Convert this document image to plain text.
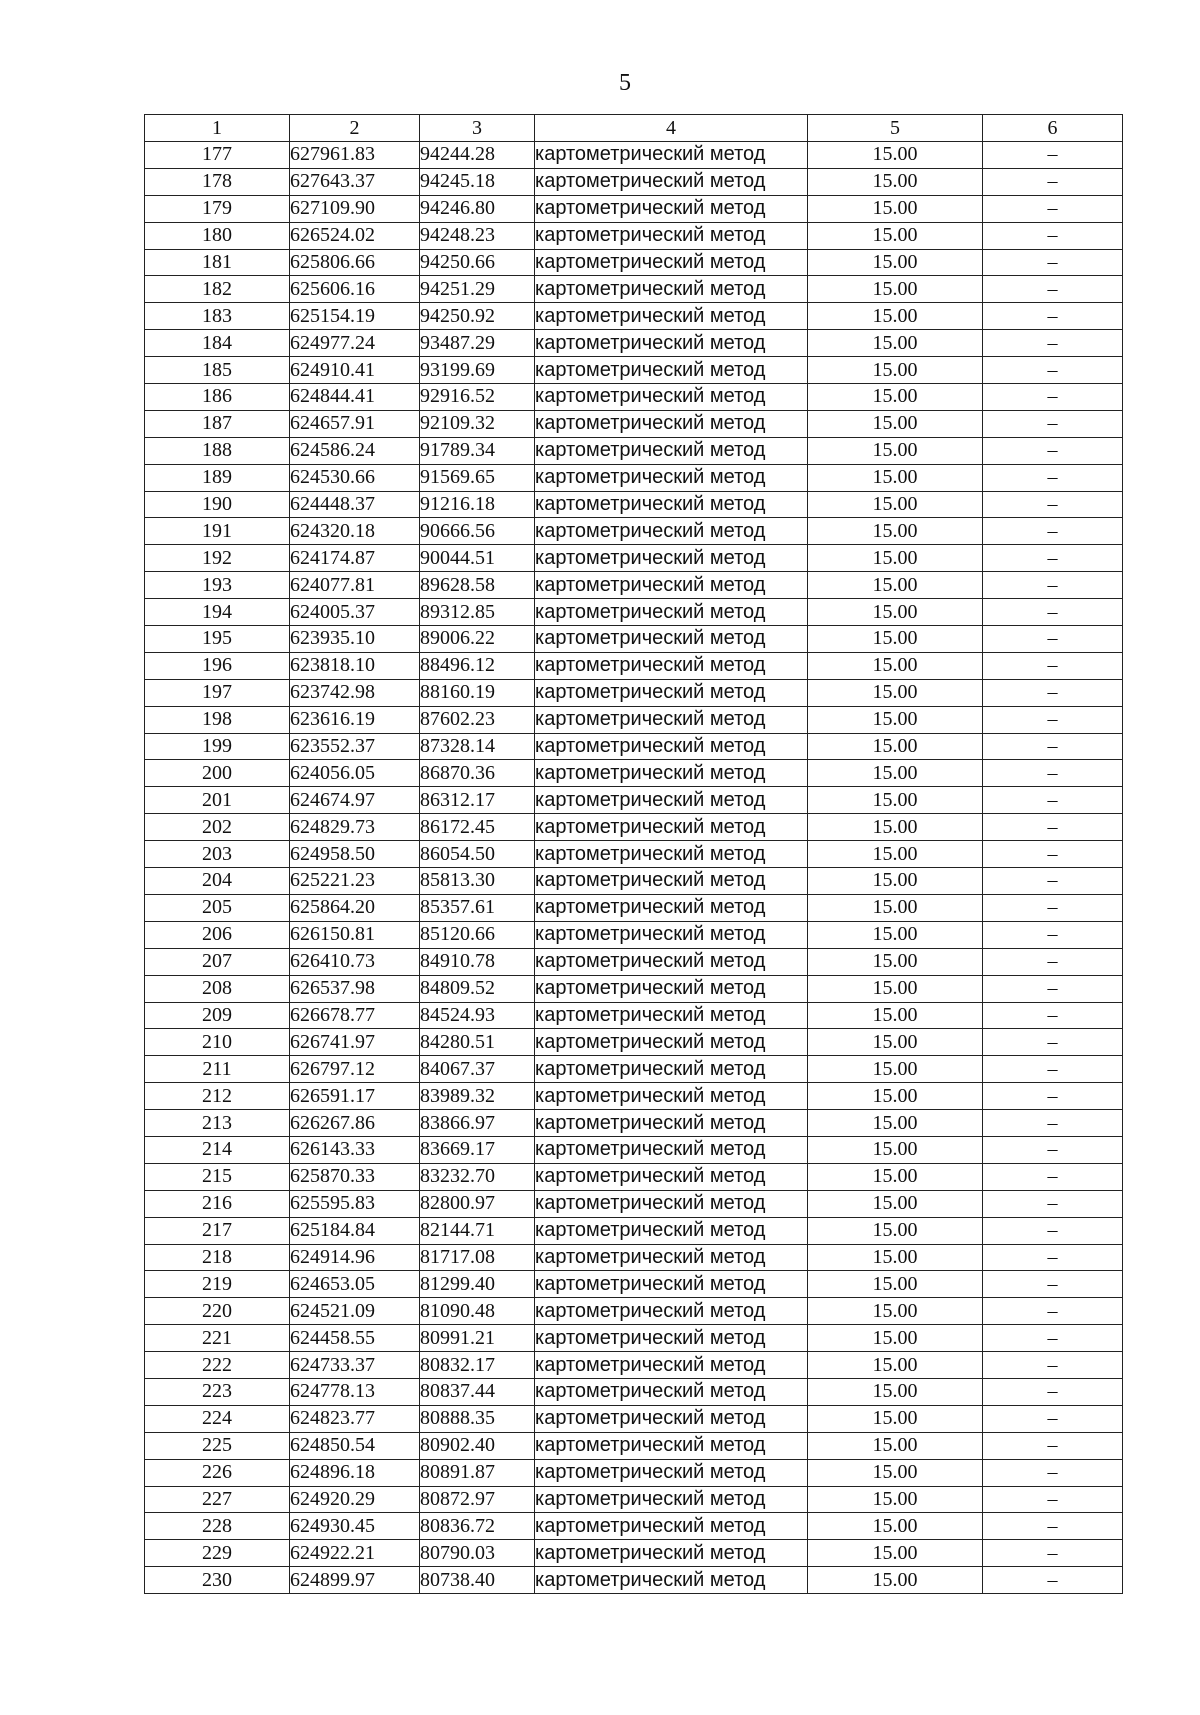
5
1	2	3	4	5	6
177	627961.83	94244.28	картометрический метод	15.00	–
178	627643.37	94245.18	картометрический метод	15.00	–
179	627109.90	94246.80	картометрический метод	15.00	–
180	626524.02	94248.23	картометрический метод	15.00	–
181	625806.66	94250.66	картометрический метод	15.00	–
182	625606.16	94251.29	картометрический метод	15.00	–
183	625154.19	94250.92	картометрический метод	15.00	–
184	624977.24	93487.29	картометрический метод	15.00	–
185	624910.41	93199.69	картометрический метод	15.00	–
186	624844.41	92916.52	картометрический метод	15.00	–
187	624657.91	92109.32	картометрический метод	15.00	–
188	624586.24	91789.34	картометрический метод	15.00	–
189	624530.66	91569.65	картометрический метод	15.00	–
190	624448.37	91216.18	картометрический метод	15.00	–
191	624320.18	90666.56	картометрический метод	15.00	–
192	624174.87	90044.51	картометрический метод	15.00	–
193	624077.81	89628.58	картометрический метод	15.00	–
194	624005.37	89312.85	картометрический метод	15.00	–
195	623935.10	89006.22	картометрический метод	15.00	–
196	623818.10	88496.12	картометрический метод	15.00	–
197	623742.98	88160.19	картометрический метод	15.00	–
198	623616.19	87602.23	картометрический метод	15.00	–
199	623552.37	87328.14	картометрический метод	15.00	–
200	624056.05	86870.36	картометрический метод	15.00	–
201	624674.97	86312.17	картометрический метод	15.00	–
202	624829.73	86172.45	картометрический метод	15.00	–
203	624958.50	86054.50	картометрический метод	15.00	–
204	625221.23	85813.30	картометрический метод	15.00	–
205	625864.20	85357.61	картометрический метод	15.00	–
206	626150.81	85120.66	картометрический метод	15.00	–
207	626410.73	84910.78	картометрический метод	15.00	–
208	626537.98	84809.52	картометрический метод	15.00	–
209	626678.77	84524.93	картометрический метод	15.00	–
210	626741.97	84280.51	картометрический метод	15.00	–
211	626797.12	84067.37	картометрический метод	15.00	–
212	626591.17	83989.32	картометрический метод	15.00	–
213	626267.86	83866.97	картометрический метод	15.00	–
214	626143.33	83669.17	картометрический метод	15.00	–
215	625870.33	83232.70	картометрический метод	15.00	–
216	625595.83	82800.97	картометрический метод	15.00	–
217	625184.84	82144.71	картометрический метод	15.00	–
218	624914.96	81717.08	картометрический метод	15.00	–
219	624653.05	81299.40	картометрический метод	15.00	–
220	624521.09	81090.48	картометрический метод	15.00	–
221	624458.55	80991.21	картометрический метод	15.00	–
222	624733.37	80832.17	картометрический метод	15.00	–
223	624778.13	80837.44	картометрический метод	15.00	–
224	624823.77	80888.35	картометрический метод	15.00	–
225	624850.54	80902.40	картометрический метод	15.00	–
226	624896.18	80891.87	картометрический метод	15.00	–
227	624920.29	80872.97	картометрический метод	15.00	–
228	624930.45	80836.72	картометрический метод	15.00	–
229	624922.21	80790.03	картометрический метод	15.00	–
230	624899.97	80738.40	картометрический метод	15.00	–
